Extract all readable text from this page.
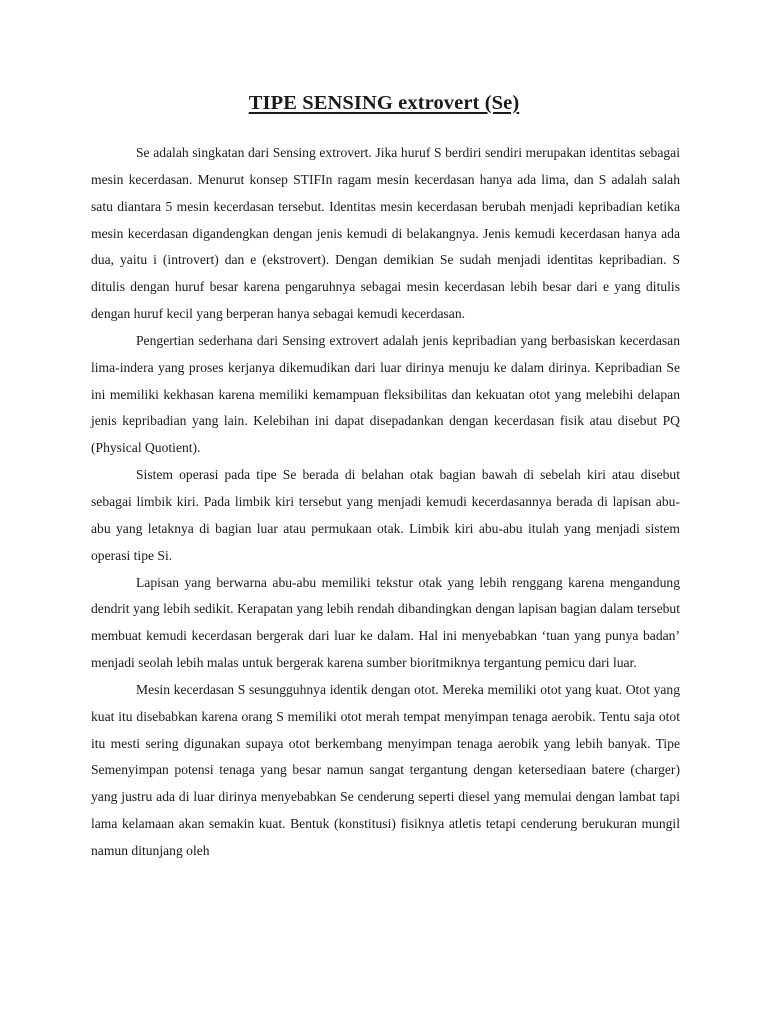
TIPE SENSING extrovert (Se)

Se adalah singkatan dari Sensing extrovert. Jika huruf S berdiri sendiri merupakan identitas sebagai mesin kecerdasan. Menurut konsep STIFIn ragam mesin kecerdasan hanya ada lima, dan S adalah salah satu diantara 5 mesin kecerdasan tersebut. Identitas mesin kecerdasan berubah menjadi kepribadian ketika mesin kecerdasan digandengkan dengan jenis kemudi di belakangnya. Jenis kemudi kecerdasan hanya ada dua, yaitu i (introvert) dan e (ekstrovert). Dengan demikian Se sudah menjadi identitas kepribadian. S ditulis dengan huruf besar karena pengaruhnya sebagai mesin kecerdasan lebih besar dari e yang ditulis dengan huruf kecil yang berperan hanya sebagai kemudi kecerdasan.

Pengertian sederhana dari Sensing extrovert adalah jenis kepribadian yang berbasiskan kecerdasan lima-indera yang proses kerjanya dikemudikan dari luar dirinya menuju ke dalam dirinya. Kepribadian Se ini memiliki kekhasan karena memiliki kemampuan fleksibilitas dan kekuatan otot yang melebihi delapan jenis kepribadian yang lain. Kelebihan ini dapat disepadankan dengan kecerdasan fisik atau disebut PQ (Physical Quotient).

Sistem operasi pada tipe Se berada di belahan otak bagian bawah di sebelah kiri atau disebut sebagai limbik kiri. Pada limbik kiri tersebut yang menjadi kemudi kecerdasannya berada di lapisan abu-abu yang letaknya di bagian luar atau permukaan otak. Limbik kiri abu-abu itulah yang menjadi sistem operasi tipe Si.

Lapisan yang berwarna abu-abu memiliki tekstur otak yang lebih renggang karena mengandung dendrit yang lebih sedikit. Kerapatan yang lebih rendah dibandingkan dengan lapisan bagian dalam tersebut membuat kemudi kecerdasan bergerak dari luar ke dalam. Hal ini menyebabkan ‘tuan yang punya badan’ menjadi seolah lebih malas untuk bergerak karena sumber bioritmiknya tergantung pemicu dari luar.

Mesin kecerdasan S sesungguhnya identik dengan otot. Mereka memiliki otot yang kuat. Otot yang kuat itu disebabkan karena orang S memiliki otot merah tempat menyimpan tenaga aerobik. Tentu saja otot itu mesti sering digunakan supaya otot berkembang menyimpan tenaga aerobik yang lebih banyak. Tipe Semenyimpan potensi tenaga yang besar namun sangat tergantung dengan ketersediaan batere (charger) yang justru ada di luar dirinya menyebabkan Se cenderung seperti diesel yang memulai dengan lambat tapi lama kelamaan akan semakin kuat. Bentuk (konstitusi) fisiknya atletis tetapi cenderung berukuran mungil namun ditunjang oleh
